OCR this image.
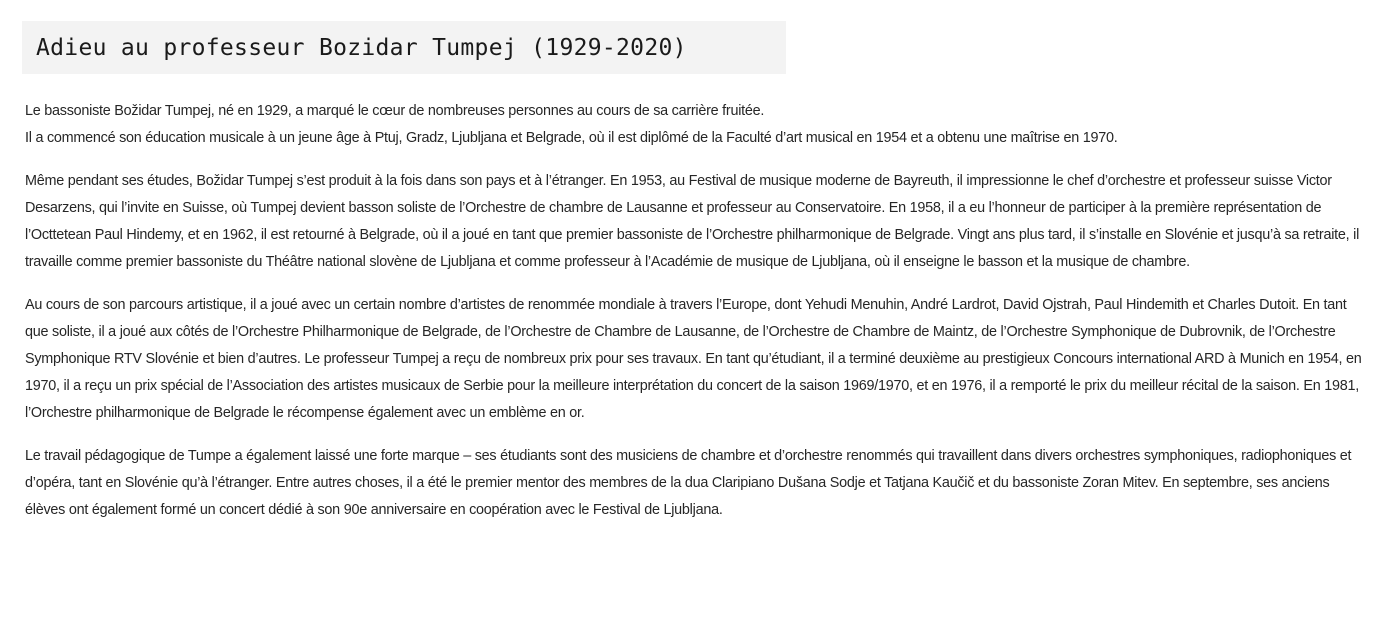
Adieu au professeur Bozidar Tumpej (1929-2020)

Le bassoniste Božidar Tumpej, né en 1929, a marqué le cœur de nombreuses personnes au cours de sa carrière fruitée.
Il a commencé son éducation musicale à un jeune âge à Ptuj, Gradz, Ljubljana et Belgrade, où il est diplômé de la Faculté d’art musical en 1954 et a obtenu une maîtrise en 1970.

Même pendant ses études, Božidar Tumpej s’est produit à la fois dans son pays et à l’étranger. En 1953, au Festival de musique moderne de Bayreuth, il impressionne le chef d’orchestre et professeur suisse Victor Desarzens, qui l’invite en Suisse, où Tumpej devient basson soliste de l’Orchestre de chambre de Lausanne et professeur au Conservatoire. En 1958, il a eu l’honneur de participer à la première représentation de l’Octtetean Paul Hindemy, et en 1962, il est retourné à Belgrade, où il a joué en tant que premier bassoniste de l’Orchestre philharmonique de Belgrade. Vingt ans plus tard, il s’installe en Slovénie et jusqu’à sa retraite, il travaille comme premier bassoniste du Théâtre national slovène de Ljubljana et comme professeur à l’Académie de musique de Ljubljana, où il enseigne le basson et la musique de chambre.

Au cours de son parcours artistique, il a joué avec un certain nombre d’artistes de renommée mondiale à travers l’Europe, dont Yehudi Menuhin, André Lardrot, David Ojstrah, Paul Hindemith et Charles Dutoit. En tant que soliste, il a joué aux côtés de l’Orchestre Philharmonique de Belgrade, de l’Orchestre de Chambre de Lausanne, de l’Orchestre de Chambre de Maintz, de l’Orchestre Symphonique de Dubrovnik, de l’Orchestre Symphonique RTV Slovénie et bien d’autres. Le professeur Tumpej a reçu de nombreux prix pour ses travaux. En tant qu’étudiant, il a terminé deuxième au prestigieux Concours international ARD à Munich en 1954, en 1970, il a reçu un prix spécial de l’Association des artistes musicaux de Serbie pour la meilleure interprétation du concert de la saison 1969/1970, et en 1976, il a remporté le prix du meilleur récital de la saison. En 1981, l’Orchestre philharmonique de Belgrade le récompense également avec un emblème en or.

Le travail pédagogique de Tumpe a également laissé une forte marque – ses étudiants sont des musiciens de chambre et d’orchestre renommés qui travaillent dans divers orchestres symphoniques, radiophoniques et d’opéra, tant en Slovénie qu’à l’étranger. Entre autres choses, il a été le premier mentor des membres de la dua Claripiano Dušana Sodje et Tatjana Kaučič et du bassoniste Zoran Mitev. En septembre, ses anciens élèves ont également formé un concert dédié à son 90e anniversaire en coopération avec le Festival de Ljubljana.
